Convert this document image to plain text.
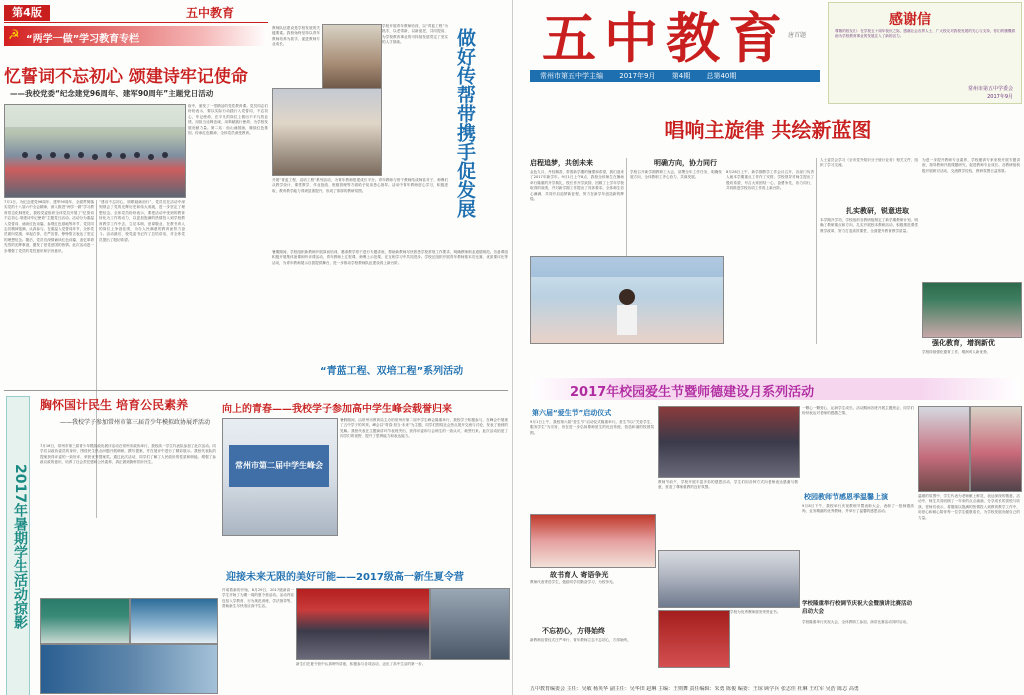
第4版	五中教育
☭ “两学一做”学习教育专栏
忆誓词不忘初心 颂建诗牢记使命
——我校党委“纪念建党96周年、建军90周年”主题党日活动
宿中，颁发了一堂精活的党性教育课。党员同志们纷纷表示，要以实际行动践行入党誓词，不忘初心，牢记使命，在平凡的岗位上做出不平凡的业绩，用担当诠释忠诚，用奉献践行使命，为学校发展贡献力量。第二站：仙山诵国画，赓续红色基因，传承红色精神，全体党员深受教育。
7月1日，为纪念建党96周年、建军90周年，全面贯彻落实党的十八届六中全会精神，深入推进“两学一做”学习教育常态化制度化，我校党委组织全体党员开展了“忆誓词不忘初心 颂建诗牢记使命”主题党日活动。活动分为重温入党誓词、诵读红色诗篇、参观红色基地等环节，党员同志们精神饱满，认真参与。在重温入党誓词环节，全体党员面向党旗，举起右拳，庄严宣誓，铮铮誓言表达了坚定的理想信念。随后，党员们深情诵读红色诗篇，追忆革命先烈的光辉事迹，激发了爱党爱国的热情。此次活动进一步增强了党员的党性意识和宗旨意识。
“建诗不忘初心，颂歌砥砺前行”，党员们在活动中深刻领会了党的光辉历史和伟大成就，进一步坚定了理想信念。全体党员纷纷表示，要把活动中受到的教育转化为工作的动力，以更加饱满的热情投入到学校教育教学工作中去，立足本职，爱岗敬业，在教书育人的岗位上争创佳绩，为办人民满意的教育而努力奋斗。活动最后，校党委书记作了总结讲话，对全体党员提出了殷切希望。
做好传帮带携手促发展
教师队伍建设是学校发展的关键要素。我校始终坚持以青年教师培养为抓手，促进教师专业成长。
学校开展青年教师培训，以“青蓝工程”为抓手，以老带新，以新促老，共同提高，为学校教育事业的可持续发展奠定了坚实的人才基础。
开展“青蓝工程、双培工程”系列活动，为青年教师搭建成长平台。青年教师与骨干教师结成师徒对子，师傅们从教学设计、课堂教学、作业批改、班级管理等方面给予徒弟悉心指导。活动中青年教师虚心学习，积极进取，教育教学能力得到显著提升，形成了浓厚的教研氛围。
暑期期间，学校组织新教师开展岗前培训，邀请教学骨干进行专题讲座，帮助新教师尽快熟悉学校常规工作要求，明确教师职业道德规范。各备课组积极开展集体备课和听评课活动，青年教师上汇报课、师傅上示范课，在互相学习中共同进步。学校还组织开展青年教师基本功比赛、优质课评比等活动，为青年教师展示自我提供舞台，进一步推动学校教师队伍建设再上新台阶。
“青蓝工程、双培工程”系列活动
2017年暑期学生活动掠影
胸怀国计民生 培育公民素养
——我校学子参加常州市第三届青少年模拟政协展评活动
7月16日，常州市第三届青少年模拟政协展评活动在常州市政协举行，我校高一学生代表队参加了此次活动。同学们以政协委员的身份，围绕民生热点问题开展调研，撰写提案，并在展评中进行了精彩展示。我校代表队的提案获得评委的一致好评，荣获优秀提案奖。通过此次活动，同学们了解了人民政协的性质和职能，增强了参政议政的意识，培养了社会责任感和公民素养，真正做到胸怀国计民生。
向上的青春——我校学子参加高中学生峰会载誉归来
常州市第二届中学生峰会
暑假期间，由常州市教育局主办的常州市第二届中学生峰会隆重举行，我校学子积极参与，在峰会中展现了五中学子的风采。峰会以“青春·担当·未来”为主题，同学们围绕社会热点展开交流与讨论，发表了独到的见解。我校代表在主题演讲环节表现突出，获得评委和与会师生的一致认可，载誉归来。此次活动拓宽了同学们的视野，提升了思辨能力和表达能力。
迎接未来无限的美好可能——2017级高一新生夏令营
许诺着新的开始，8月29日，2017级新高一学生开始了为期一周的夏令营活动。活动内容包括入学教育、行为规范训练、学法指导等，帮助新生尽快适应高中生活。
新生们在夏令营中认真聆听讲座，积极参与各项活动，迈出了高中生活的第一步。
五中教育
唐首题
常州市第五中学主编 2017年9月 第4期 总第40期
感谢信
尊敬的校友们：在学校五十周年校庆之际，感谢社会各界人士、广大校友对我校发展的关心与支持，你们的慷慨捐助为学校教育事业的发展注入了新的活力。
常州市第五中学委会
2017年9月
唱响主旋律 共绘新蓝图
启程追梦，共创未来
金色九月，丹桂飘香，带着新学期的憧憬和希望，我们迎来了2017年新学年。9月1日上午8点，我校全体师生在操场举行隆重的开学典礼，校长作开学致辞，回顾了上学年学校取得的成绩，并对新学期工作提出了具体要求。全体师生信心满满，共同开启追梦新征程，努力在新学年创造新的辉煌。
明确方向，协力同行
学校召开新学期教职工大会，部署全年工作任务，明确发展方向，全体教职工齐心协力，共谋发展。
8月28日上午，新学期教学工作会议召开，各部门负责人就本学期重点工作作了安排，学校领导对师生提出了殷切希望，号召大家团结一心，奋勇争先，协力同行，共同推进学校各项工作再上新台阶。
人士委员会学习《全市党外知识分子统计业务》相关文件，组织了学习交流。
扎实教研，锐意进取
本学期开学初，学校组织各教研组制定了新学期教研计划，明确了教研重点和方向，扎实开展校本教研活动，积极推进课堂教学改革，努力打造高效课堂，全面提升教育教学质量。
为进一步提升教师专业素养，学校邀请专家来校开展专题讲座，指导教师开展课题研究，促进教师专业成长。各教研组积极开展研讨活动，交流教学经验，教研氛围日益浓厚。
强化教育，增润新优
学校持续强化德育工作，增润育人新优势。
2017年校园爱生节暨师德建设月系列活动
第六届“爱生节”启动仪式
9月1日上午，我校第六届“爱生节”启动仪式隆重举行。爱生节以“关爱学生、服务学生”为宗旨，旨在进一步弘扬尊师爱生的优良传统，营造和谐的校园氛围。
故书育人 寄语争光
教师代表寄语学生，勉励同学们勤奋学习，为校争光。
不忘初心，方得始终
新教师宣誓仪式庄严举行，青年教师立志不忘初心，方得始终。
教师节前夕，学校开展丰富多彩的感恩活动，学生们用各种方式向老师表达感谢与敬意，营造了尊师重教的良好氛围。
学校为优秀教师颁发荣誉证书。
一颗心一颗爱心，沁润学生成长。活动期间各班开展主题班会，同学们纷纷表达对老师的感激之情。
校园教师节感恩季温馨上演
9月8日下午，我校举行庆祝教师节暨表彰大会，表彰了一批师德高尚、业务精湛的优秀教师，并举行了温馨的感恩活动。
学校隆重举行校调节庆祝大会暨演讲比赛活动启动大会
学校隆重举行庆祝大会，全体教职工参加，演讲比赛活动同时启动。
温暖的氛围中，学生代表为老师献上鲜花，表达深深的敬意。活动中，师生共同回顾了一年来的点点滴滴，分享成长的喜悦与收获。老师们表示，将继续以饱满的热情投入到教育教学工作中，用爱心和耐心陪伴每一位学生健康成长，为学校发展贡献自己的力量。
五中教育编委会 主任：吴敏 杨英华 副主任：吴华田 赵琳 主编：王则舞 责任编辑：朱勇 陈俊 编委：王琼 顾学兵 张志佳 杜琳 王红军 吴浩 陈志 高勇
